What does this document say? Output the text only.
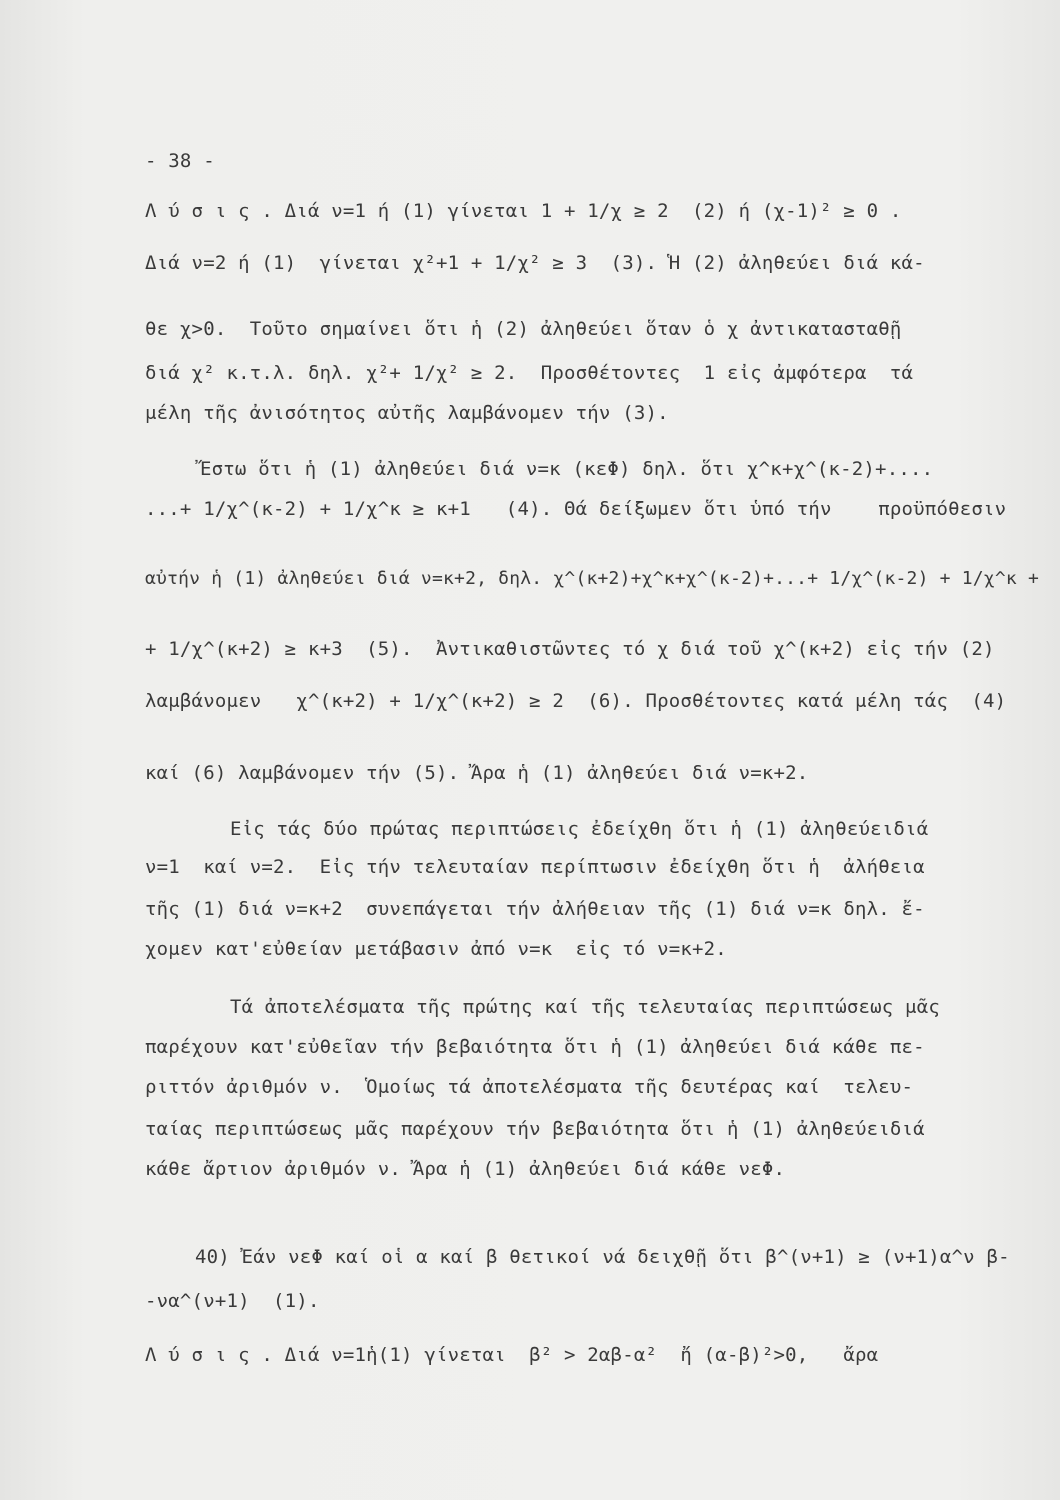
- 38 -
Λ ύ σ ι ς . Διά ν=1 ή (1) γίνεται 1 + 1/χ ≥ 2  (2) ή (χ-1)² ≥ 0 .
Διά ν=2 ή (1)  γίνεται χ²+1 + 1/χ² ≥ 3  (3). Ἡ (2) ἀληθεύει διά κά-
θε χ>0.  Τοῦτο σημαίνει ὅτι ἡ (2) ἀληθεύει ὅταν ὁ χ ἀντικατασταθῇ
διά χ² κ.τ.λ. δηλ. χ²+ 1/χ² ≥ 2.  Προσθέτοντες  1 εἰς ἀμφότερα  τά
μέλη τῆς ἀνισότητος αὐτῆς λαμβάνομεν τήν (3).
Ἔστω ὅτι ἡ (1) ἀληθεύει διά ν=κ (κεΦ) δηλ. ὅτι χ^κ+χ^(κ-2)+....
...+ 1/χ^(κ-2) + 1/χ^κ ≥ κ+1   (4). Θά δείξωμεν ὅτι ὑπό τήν    προϋπόθεσιν
αὐτήν ἡ (1) ἀληθεύει διά ν=κ+2, δηλ. χ^(κ+2)+χ^κ+χ^(κ-2)+...+ 1/χ^(κ-2) + 1/χ^κ +
+ 1/χ^(κ+2) ≥ κ+3  (5).  Ἀντικαθιστῶντες τό χ διά τοῦ χ^(κ+2) εἰς τήν (2)
λαμβάνομεν   χ^(κ+2) + 1/χ^(κ+2) ≥ 2  (6). Προσθέτοντες κατά μέλη τάς  (4)
καί (6) λαμβάνομεν τήν (5). Ἄρα ἡ (1) ἀληθεύει διά ν=κ+2.
Εἰς τάς δύο πρώτας περιπτώσεις ἐδείχθη ὅτι ἡ (1) ἀληθεύειδιά
ν=1  καί ν=2.  Εἰς τήν τελευταίαν περίπτωσιν ἐδείχθη ὅτι ἡ  ἀλήθεια
τῆς (1) διά ν=κ+2  συνεπάγεται τήν ἀλήθειαν τῆς (1) διά ν=κ δηλ. ἔ-
χομεν κατ'εὐθείαν μετάβασιν ἀπό ν=κ  εἰς τό ν=κ+2.
Τά ἀποτελέσματα τῆς πρώτης καί τῆς τελευταίας περιπτώσεως μᾶς
παρέχουν κατ'εὐθεῖαν τήν βεβαιότητα ὅτι ἡ (1) ἀληθεύει διά κάθε πε-
ριττόν ἀριθμόν ν.  Ὁμοίως τά ἀποτελέσματα τῆς δευτέρας καί  τελευ-
ταίας περιπτώσεως μᾶς παρέχουν τήν βεβαιότητα ὅτι ἡ (1) ἀληθεύειδιά
κάθε ἄρτιον ἀριθμόν ν. Ἄρα ἡ (1) ἀληθεύει διά κάθε νεΦ.
40) Ἐάν νεΦ καί οἱ α καί β θετικοί νά δειχθῇ ὅτι β^(ν+1) ≥ (ν+1)α^ν β-
-να^(ν+1)  (1).
Λ ύ σ ι ς . Διά ν=1ἡ(1) γίνεται  β² > 2αβ-α²  ἤ (α-β)²>0,   ἄρα
